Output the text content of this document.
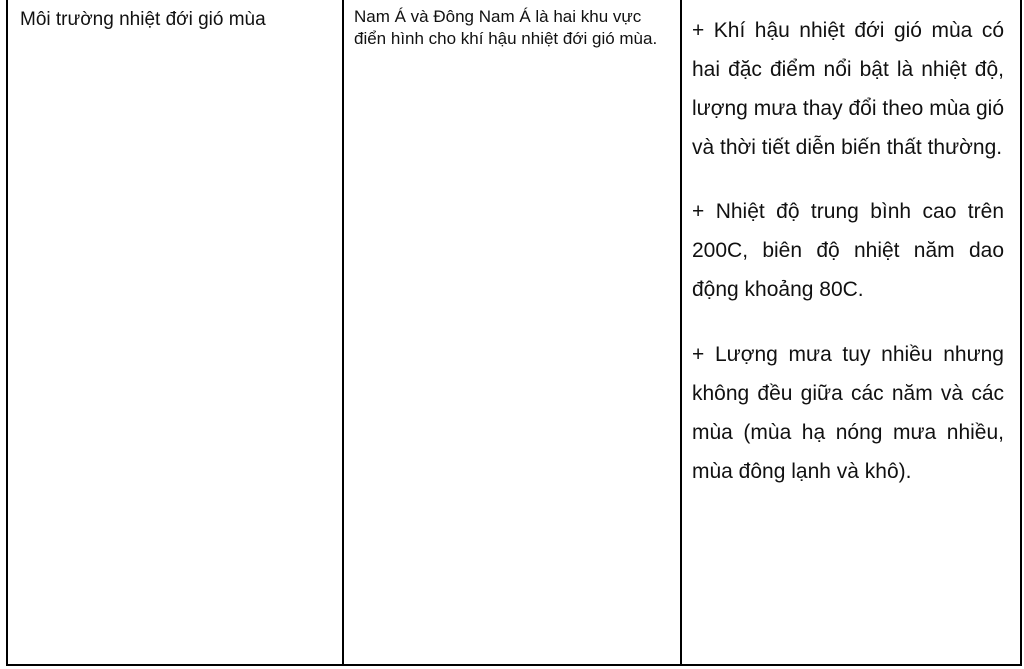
Môi trường nhiệt đới gió mùa	Nam Á và Đông Nam Á là hai khu vực điển hình cho khí hậu nhiệt đới gió mùa.	+ Khí hậu nhiệt đới gió mùa có hai đặc điểm nổi bật là nhiệt độ, lượng mưa thay đổi theo mùa gió và thời tiết diễn biến thất thường.
+ Nhiệt độ trung bình cao trên 200C, biên độ nhiệt năm dao động khoảng 80C.
+ Lượng mưa tuy nhiều nhưng không đều giữa các năm và các mùa (mùa hạ nóng mưa nhiều, mùa đông lạnh và khô).
